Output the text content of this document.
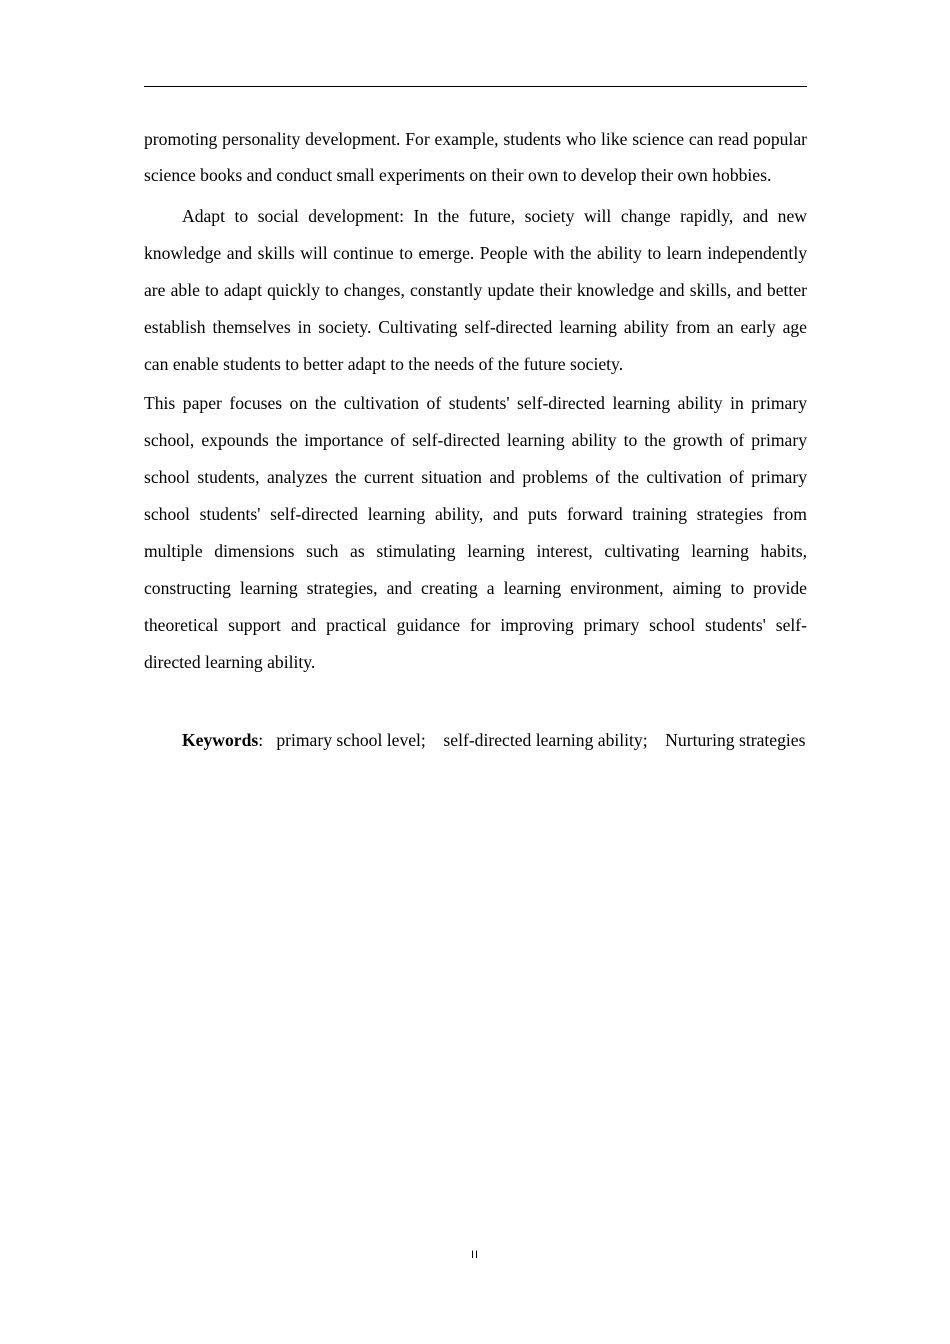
promoting personality development. For example, students who like science can read popular science books and conduct small experiments on their own to develop their own hobbies.

Adapt to social development: In the future, society will change rapidly, and new knowledge and skills will continue to emerge. People with the ability to learn independently are able to adapt quickly to changes, constantly update their knowledge and skills, and better establish themselves in society. Cultivating self-directed learning ability from an early age can enable students to better adapt to the needs of the future society.

This paper focuses on the cultivation of students' self-directed learning ability in primary school, expounds the importance of self-directed learning ability to the growth of primary school students, analyzes the current situation and problems of the cultivation of primary school students' self-directed learning ability, and puts forward training strategies from multiple dimensions such as stimulating learning interest, cultivating learning habits, constructing learning strategies, and creating a learning environment, aiming to provide theoretical support and practical guidance for improving primary school students' self-directed learning ability.

Keywords:   primary school level;    self-directed learning ability;    Nurturing strategies

II
